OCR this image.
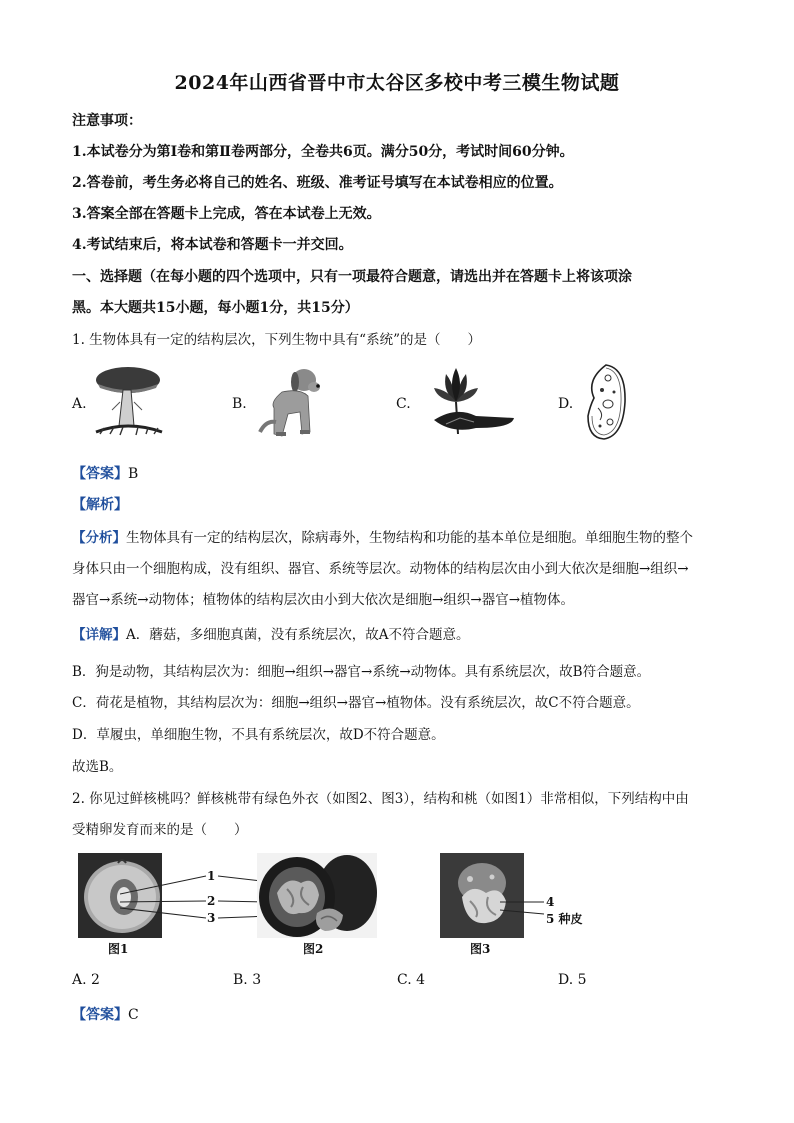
2024年山西省晋中市太谷区多校中考三模生物试题
注意事项：
1.本试卷分为第Ⅰ卷和第Ⅱ卷两部分，全卷共6页。满分50分，考试时间60分钟。
2.答卷前，考生务必将自己的姓名、班级、准考证号填写在本试卷相应的位置。
3.答案全部在答题卡上完成，答在本试卷上无效。
4.考试结束后，将本试卷和答题卡一并交回。
一、选择题（在每小题的四个选项中，只有一项最符合题意，请选出并在答题卡上将该项涂
黑。本大题共15小题，每小题1分，共15分）
1. 生物体具有一定的结构层次，下列生物中具有“系统”的是（　　）
A.	B.	C.	D.
【答案】B
【解析】
【分析】生物体具有一定的结构层次，除病毒外，生物结构和功能的基本单位是细胞。单细胞生物的整个
身体只由一个细胞构成，没有组织、器官、系统等层次。动物体的结构层次由小到大依次是细胞→组织→
器官→系统→动物体；植物体的结构层次由小到大依次是细胞→组织→器官→植物体。
【详解】A．蘑菇，多细胞真菌，没有系统层次，故A不符合题意。
B．狗是动物，其结构层次为：细胞→组织→器官→系统→动物体。具有系统层次，故B符合题意。
C．荷花是植物，其结构层次为：细胞→组织→器官→植物体。没有系统层次，故C不符合题意。
D．草履虫，单细胞生物，不具有系统层次，故D不符合题意。
故选B。
2. 你见过鲜核桃吗？鲜核桃带有绿色外衣（如图2、图3），结构和桃（如图1）非常相似，下列结构中由
受精卵发育而来的是（　　）
图1
1
2
3
图2	图3
4
5 种皮
A. 2	B. 3	C. 4	D. 5
【答案】C
